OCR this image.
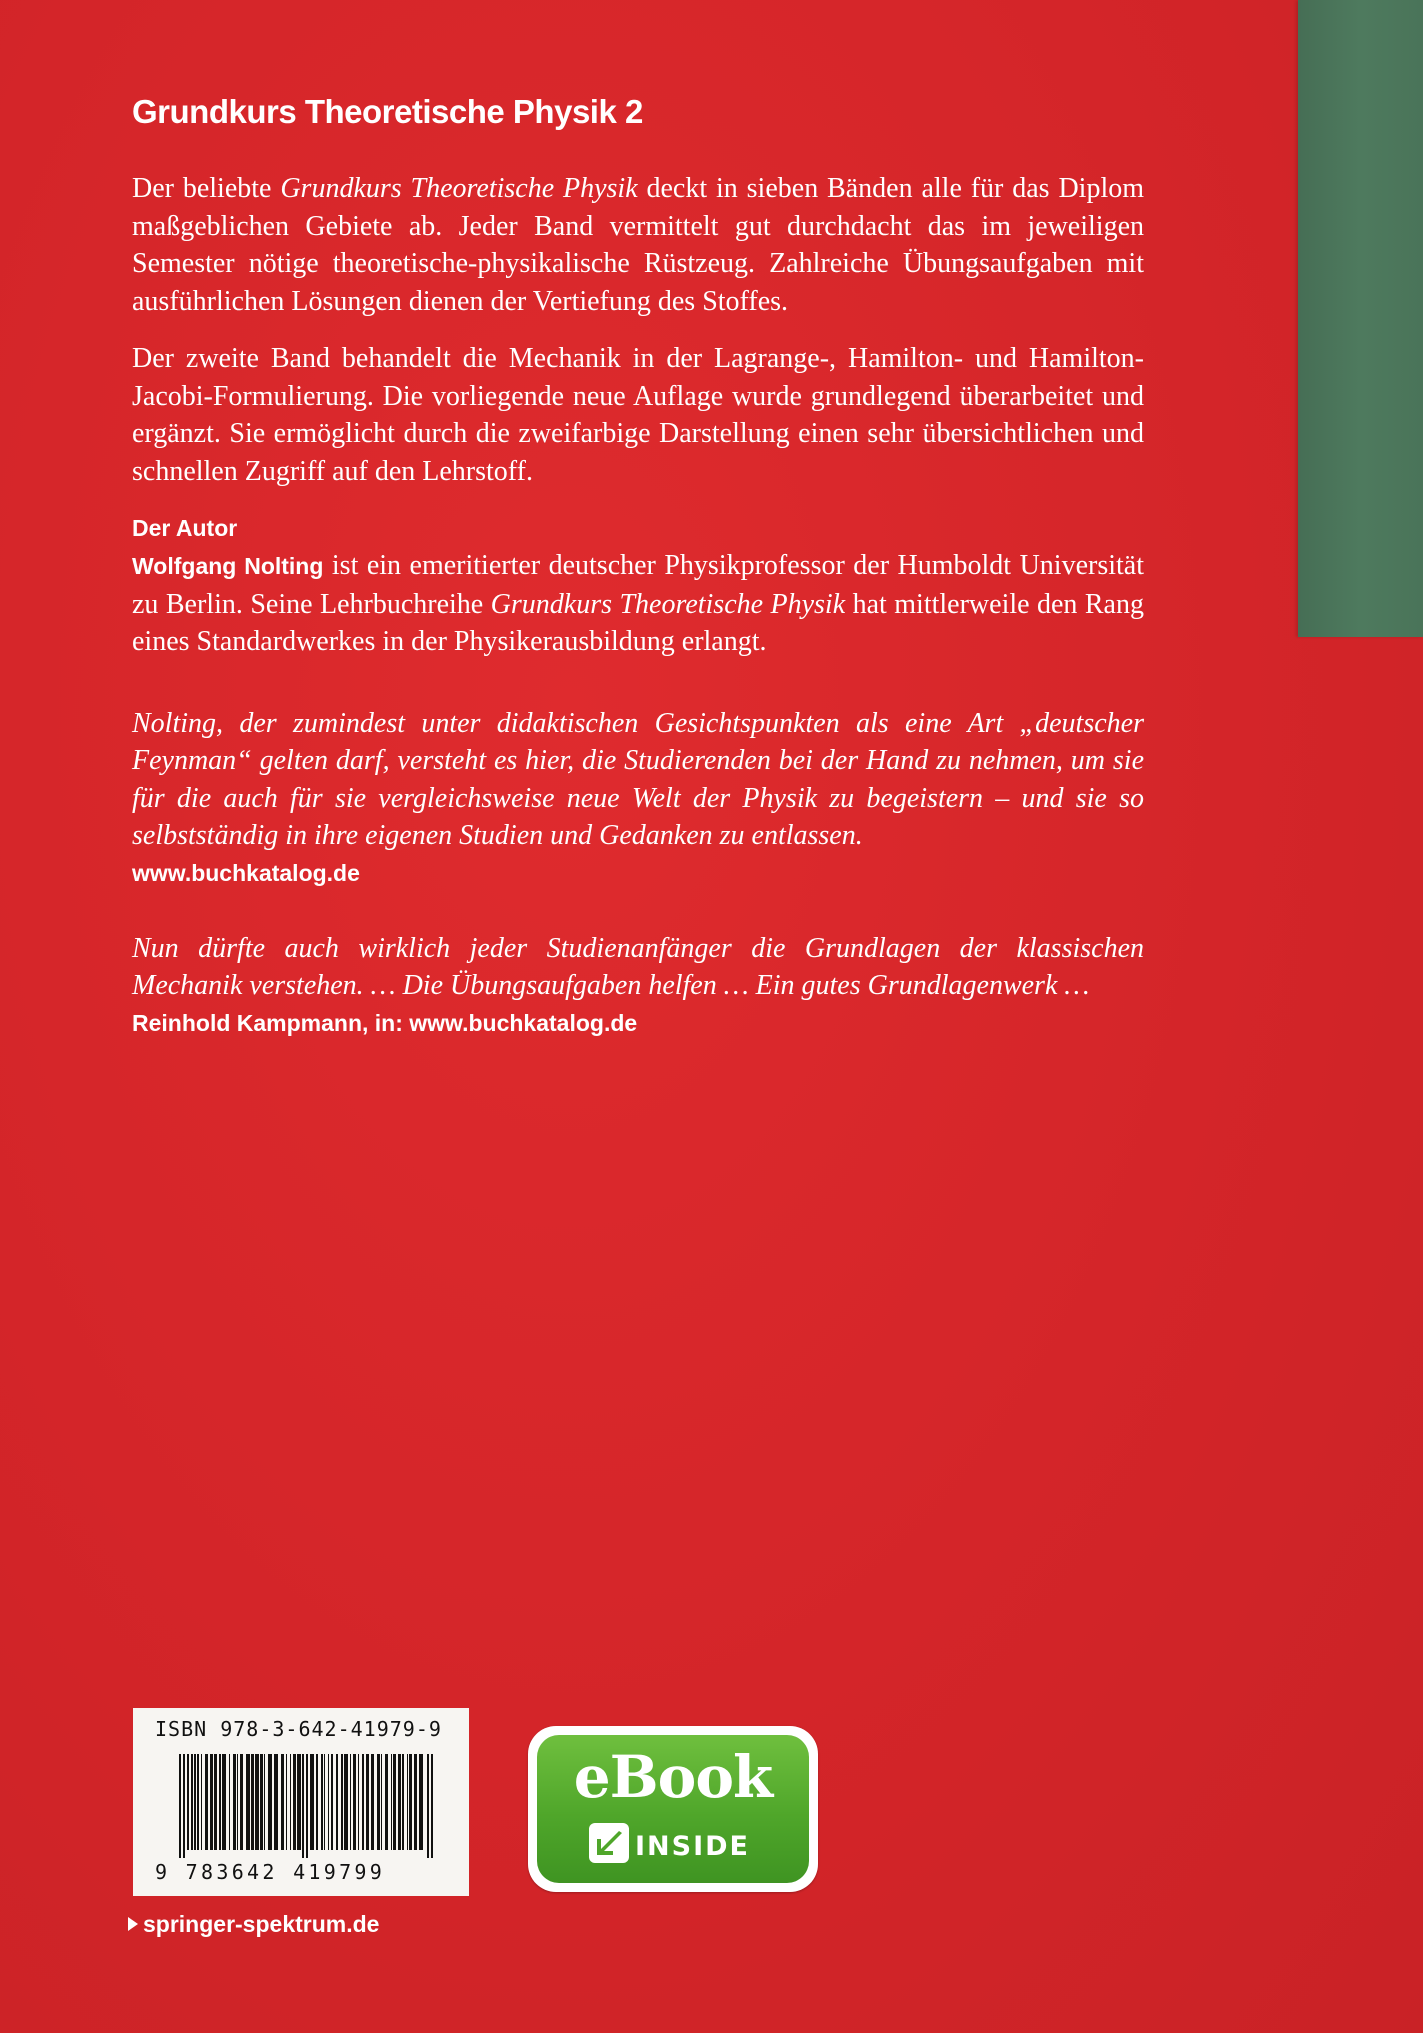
Grundkurs Theoretische Physik 2

Der beliebte Grundkurs Theoretische Physik deckt in sieben Bänden alle für das Diplom maßgeblichen Gebiete ab. Jeder Band vermittelt gut durchdacht das im jeweiligen Semester nötige theoretische-physikalische Rüstzeug. Zahlreiche Übungsaufgaben mit ausführlichen Lösungen dienen der Vertiefung des Stoffes.

Der zweite Band behandelt die Mechanik in der Lagrange-, Hamilton- und Hamilton-Jacobi-Formulierung. Die vorliegende neue Auflage wurde grundlegend überarbeitet und ergänzt. Sie ermöglicht durch die zweifarbige Darstellung einen sehr übersichtlichen und schnellen Zugriff auf den Lehrstoff.

Der Autor

Wolfgang Nolting ist ein emeritierter deutscher Physikprofessor der Humboldt Universität zu Berlin. Seine Lehrbuchreihe Grundkurs Theoretische Physik hat mittlerweile den Rang eines Standardwerkes in der Physikerausbildung erlangt.

Nolting, der zumindest unter didaktischen Gesichtspunkten als eine Art „deutscher Feynman“ gelten darf, versteht es hier, die Studierenden bei der Hand zu nehmen, um sie für die auch für sie vergleichsweise neue Welt der Physik zu begeistern – und sie so selbstständig in ihre eigenen Studien und Gedanken zu entlassen.

www.buchkatalog.de

Nun dürfte auch wirklich jeder Studienanfänger die Grundlagen der klassischen Mechanik verstehen. … Die Übungsaufgaben helfen … Ein gutes Grundlagenwerk …

Reinhold Kampmann, in: www.buchkatalog.de

ISBN 978-3-642-41979-9
9 783642 419799
eBook
INSIDE
springer-spektrum.de
